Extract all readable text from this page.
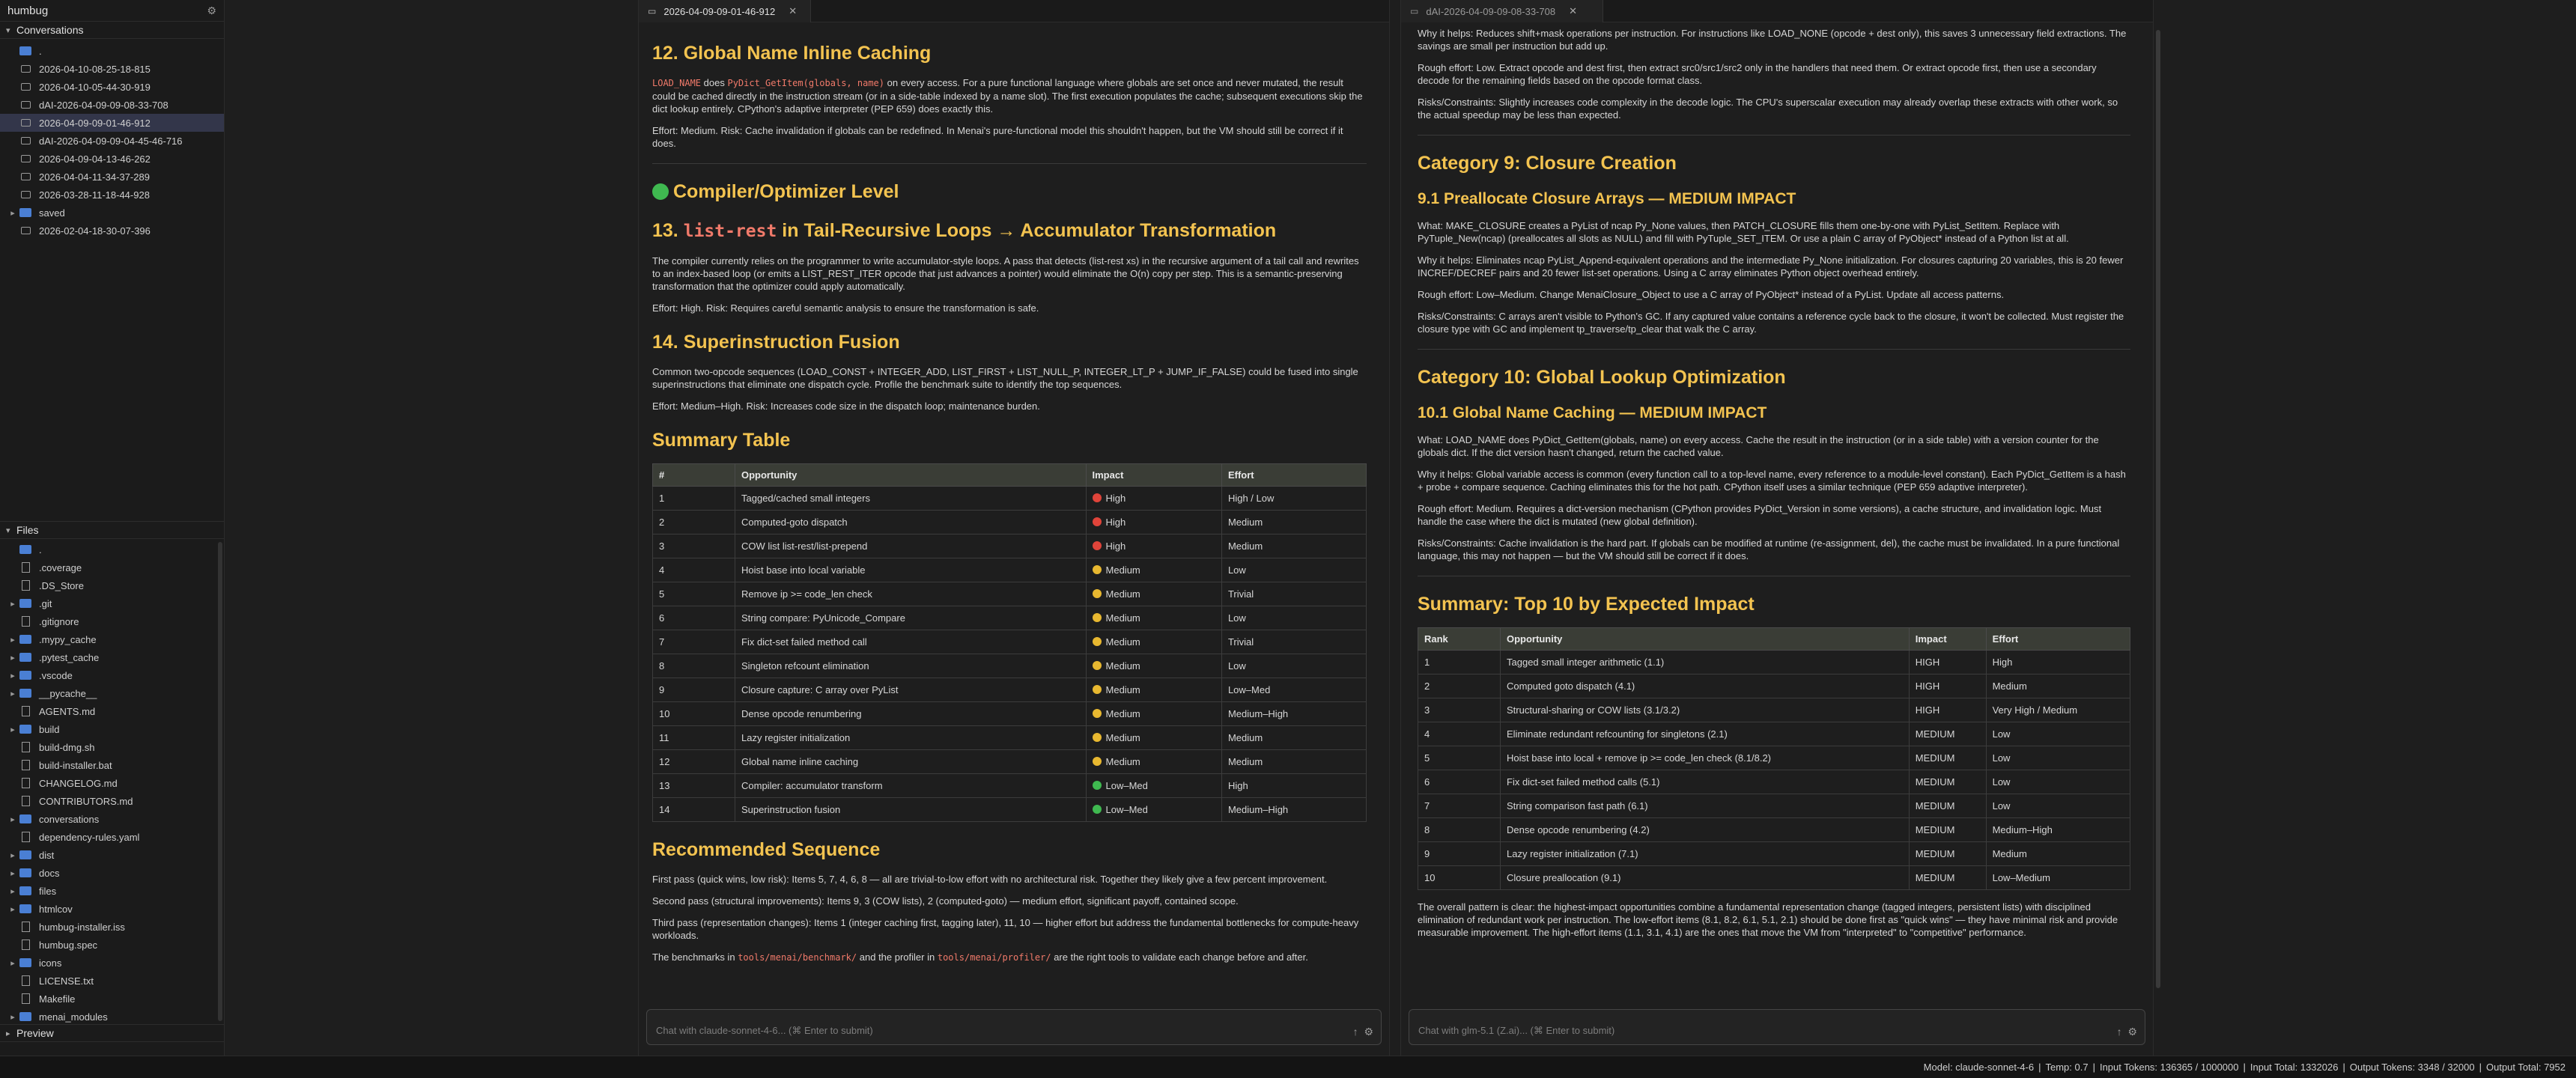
humbug	⚙
▾ Conversations
.
2026-04-10-08-25-18-815
2026-04-10-05-44-30-919
dAI-2026-04-09-09-08-33-708
2026-04-09-09-01-46-912
dAI-2026-04-09-09-04-45-46-716
2026-04-09-04-13-46-262
2026-04-04-11-34-37-289
2026-03-28-11-18-44-928
▸	saved
2026-02-04-18-30-07-396
▾ Files
.
.coverage
.DS_Store
▸	.git
.gitignore
▸	.mypy_cache
▸	.pytest_cache
▸	.vscode
▸	__pycache__
AGENTS.md
▸	build
build-dmg.sh
build-installer.bat
CHANGELOG.md
CONTRIBUTORS.md
▸	conversations
dependency-rules.yaml
▸	dist
▸	docs
▸	files
▸	htmlcov
humbug-installer.iss
humbug.spec
▸	icons
LICENSE.txt
Makefile
▸	menai_modules
▸ Preview
▭ 2026-04-09-09-01-46-912 ✕
12. Global Name Inline Caching

LOAD_NAME does PyDict_GetItem(globals, name) on every access. For a pure functional language where globals are set once and never mutated, the result could be cached directly in the instruction stream (or in a side-table indexed by a name slot). The first execution populates the cache; subsequent executions skip the dict lookup entirely. CPython's adaptive interpreter (PEP 659) does exactly this.

Effort: Medium. Risk: Cache invalidation if globals can be redefined. In Menai's pure-functional model this shouldn't happen, but the VM should still be correct if it does.

Compiler/Optimizer Level
13. list-rest in Tail-Recursive Loops → Accumulator Transformation

The compiler currently relies on the programmer to write accumulator-style loops. A pass that detects (list-rest xs) in the recursive argument of a tail call and rewrites to an index-based loop (or emits a LIST_REST_ITER opcode that just advances a pointer) would eliminate the O(n) copy per step. This is a semantic-preserving transformation that the optimizer could apply automatically.

Effort: High. Risk: Requires careful semantic analysis to ensure the transformation is safe.

14. Superinstruction Fusion

Common two-opcode sequences (LOAD_CONST + INTEGER_ADD, LIST_FIRST + LIST_NULL_P, INTEGER_LT_P + JUMP_IF_FALSE) could be fused into single superinstructions that eliminate one dispatch cycle. Profile the benchmark suite to identify the top sequences.

Effort: Medium–High. Risk: Increases code size in the dispatch loop; maintenance burden.

Summary Table
#	Opportunity	Impact	Effort
1	Tagged/cached small integers	High	High / Low
2	Computed-goto dispatch	High	Medium
3	COW list list-rest/list-prepend	High	Medium
4	Hoist base into local variable	Medium	Low
5	Remove ip >= code_len check	Medium	Trivial
6	String compare: PyUnicode_Compare	Medium	Low
7	Fix dict-set failed method call	Medium	Trivial
8	Singleton refcount elimination	Medium	Low
9	Closure capture: C array over PyList	Medium	Low–Med
10	Dense opcode renumbering	Medium	Medium–High
11	Lazy register initialization	Medium	Medium
12	Global name inline caching	Medium	Medium
13	Compiler: accumulator transform	Low–Med	High
14	Superinstruction fusion	Low–Med	Medium–High
Recommended Sequence

First pass (quick wins, low risk): Items 5, 7, 4, 6, 8 — all are trivial-to-low effort with no architectural risk. Together they likely give a few percent improvement.

Second pass (structural improvements): Items 9, 3 (COW lists), 2 (computed-goto) — medium effort, significant payoff, contained scope.

Third pass (representation changes): Items 1 (integer caching first, tagging later), 11, 10 — higher effort but address the fundamental bottlenecks for compute-heavy workloads.

The benchmarks in tools/menai/benchmark/ and the profiler in tools/menai/profiler/ are the right tools to validate each change before and after.

Chat with claude-sonnet-4-6... (⌘ Enter to submit)	↑ ⚙
▭ dAI-2026-04-09-09-08-33-708 ✕

Why it helps: Reduces shift+mask operations per instruction. For instructions like LOAD_NONE (opcode + dest only), this saves 3 unnecessary field extractions. The savings are small per instruction but add up.

Rough effort: Low. Extract opcode and dest first, then extract src0/src1/src2 only in the handlers that need them. Or extract opcode first, then use a secondary decode for the remaining fields based on the opcode format class.

Risks/Constraints: Slightly increases code complexity in the decode logic. The CPU's superscalar execution may already overlap these extracts with other work, so the actual speedup may be less than expected.

Category 9: Closure Creation
9.1 Preallocate Closure Arrays — MEDIUM IMPACT

What: MAKE_CLOSURE creates a PyList of ncap Py_None values, then PATCH_CLOSURE fills them one-by-one with PyList_SetItem. Replace with PyTuple_New(ncap) (preallocates all slots as NULL) and fill with PyTuple_SET_ITEM. Or use a plain C array of PyObject* instead of a Python list at all.

Why it helps: Eliminates ncap PyList_Append-equivalent operations and the intermediate Py_None initialization. For closures capturing 20 variables, this is 20 fewer INCREF/DECREF pairs and 20 fewer list-set operations. Using a C array eliminates Python object overhead entirely.

Rough effort: Low–Medium. Change MenaiClosure_Object to use a C array of PyObject* instead of a PyList. Update all access patterns.

Risks/Constraints: C arrays aren't visible to Python's GC. If any captured value contains a reference cycle back to the closure, it won't be collected. Must register the closure type with GC and implement tp_traverse/tp_clear that walk the C array.

Category 10: Global Lookup Optimization
10.1 Global Name Caching — MEDIUM IMPACT

What: LOAD_NAME does PyDict_GetItem(globals, name) on every access. Cache the result in the instruction (or in a side table) with a version counter for the globals dict. If the dict version hasn't changed, return the cached value.

Why it helps: Global variable access is common (every function call to a top-level name, every reference to a module-level constant). Each PyDict_GetItem is a hash + probe + compare sequence. Caching eliminates this for the hot path. CPython itself uses a similar technique (PEP 659 adaptive interpreter).

Rough effort: Medium. Requires a dict-version mechanism (CPython provides PyDict_Version in some versions), a cache structure, and invalidation logic. Must handle the case where the dict is mutated (new global definition).

Risks/Constraints: Cache invalidation is the hard part. If globals can be modified at runtime (re-assignment, del), the cache must be invalidated. In a pure functional language, this may not happen — but the VM should still be correct if it does.

Summary: Top 10 by Expected Impact
Rank	Opportunity	Impact	Effort
1	Tagged small integer arithmetic (1.1)	HIGH	High
2	Computed goto dispatch (4.1)	HIGH	Medium
3	Structural-sharing or COW lists (3.1/3.2)	HIGH	Very High / Medium
4	Eliminate redundant refcounting for singletons (2.1)	MEDIUM	Low
5	Hoist base into local + remove ip >= code_len check (8.1/8.2)	MEDIUM	Low
6	Fix dict-set failed method calls (5.1)	MEDIUM	Low
7	String comparison fast path (6.1)	MEDIUM	Low
8	Dense opcode renumbering (4.2)	MEDIUM	Medium–High
9	Lazy register initialization (7.1)	MEDIUM	Medium
10	Closure preallocation (9.1)	MEDIUM	Low–Medium

The overall pattern is clear: the highest-impact opportunities combine a fundamental representation change (tagged integers, persistent lists) with disciplined elimination of redundant work per instruction. The low-effort items (8.1, 8.2, 6.1, 5.1, 2.1) should be done first as "quick wins" — they have minimal risk and provide measurable improvement. The high-effort items (1.1, 3.1, 4.1) are the ones that move the VM from "interpreted" to "competitive" performance.

Chat with glm-5.1 (Z.ai)... (⌘ Enter to submit)	↑ ⚙
Model: claude-sonnet-4-6 | Temp: 0.7 | Input Tokens: 136365 / 1000000 | Input Total: 1332026 | Output Tokens: 3348 / 32000 | Output Total: 7952
